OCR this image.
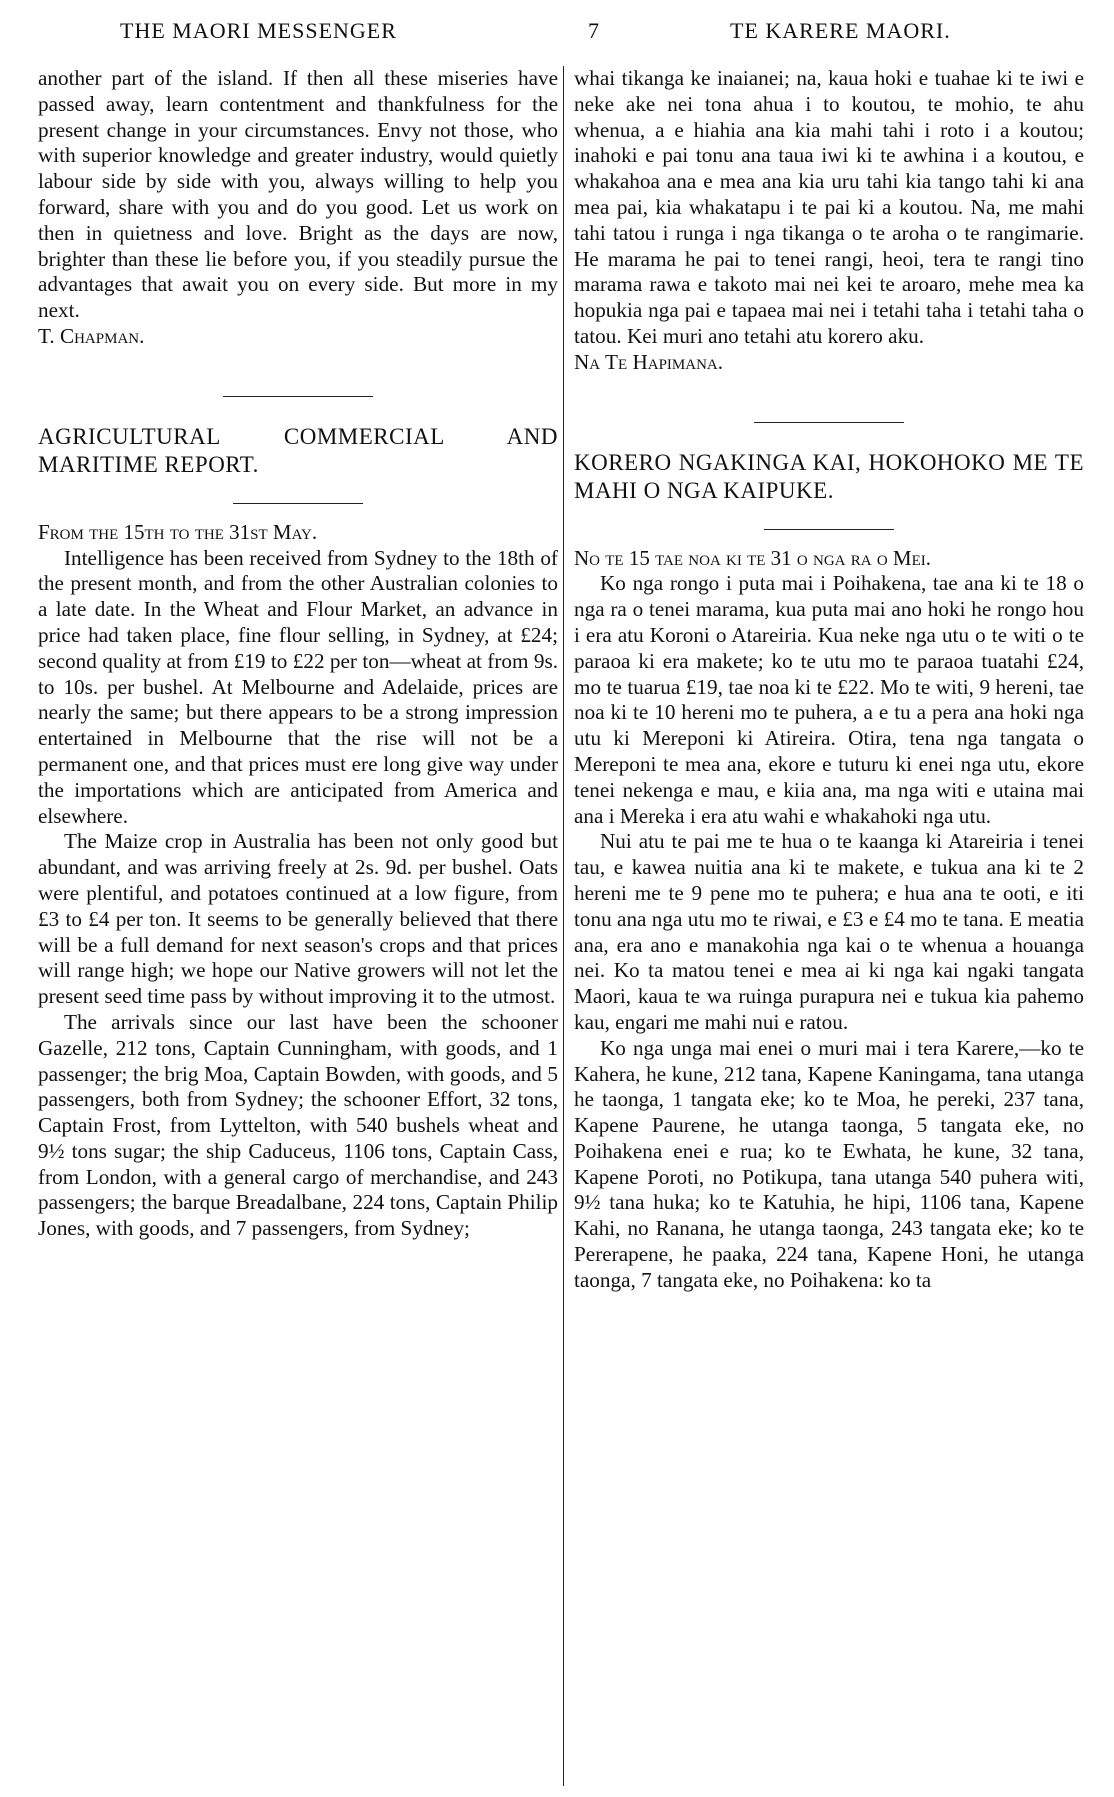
THE MAORI MESSENGER	7	TE KARERE MAORI.

another part of the island. If then all these miseries have passed away, learn contentment and thankfulness for the present change in your circumstances. Envy not those, who with superior knowledge and greater industry, would quietly labour side by side with you, always willing to help you forward, share with you and do you good. Let us work on then in quietness and love. Bright as the days are now, brighter than these lie before you, if you steadily pursue the advantages that await you on every side. But more in my next.

T. Chapman.

AGRICULTURAL COMMERCIAL AND MARITIME REPORT.

From the 15th to the 31st May.

Intelligence has been received from Sydney to the 18th of the present month, and from the other Australian colonies to a late date. In the Wheat and Flour Market, an advance in price had taken place, fine flour selling, in Sydney, at £24; second quality at from £19 to £22 per ton—wheat at from 9s. to 10s. per bushel. At Melbourne and Adelaide, prices are nearly the same; but there appears to be a strong impression entertained in Melbourne that the rise will not be a permanent one, and that prices must ere long give way under the importations which are anticipated from America and elsewhere.

The Maize crop in Australia has been not only good but abundant, and was arriving freely at 2s. 9d. per bushel. Oats were plentiful, and potatoes continued at a low figure, from £3 to £4 per ton. It seems to be generally believed that there will be a full demand for next season's crops and that prices will range high; we hope our Native growers will not let the present seed time pass by without improving it to the utmost.

The arrivals since our last have been the schooner Gazelle, 212 tons, Captain Cunningham, with goods, and 1 passenger; the brig Moa, Captain Bowden, with goods, and 5 passengers, both from Sydney; the schooner Effort, 32 tons, Captain Frost, from Lyttelton, with 540 bushels wheat and 9½ tons sugar; the ship Caduceus, 1106 tons, Captain Cass, from London, with a general cargo of merchandise, and 243 passengers; the barque Breadalbane, 224 tons, Captain Philip Jones, with goods, and 7 passengers, from Sydney;

whai tikanga ke inaianei; na, kaua hoki e tuahae ki te iwi e neke ake nei tona ahua i to koutou, te mohio, te ahu whenua, a e hiahia ana kia mahi tahi i roto i a koutou; inahoki e pai tonu ana taua iwi ki te awhina i a koutou, e whakahoa ana e mea ana kia uru tahi kia tango tahi ki ana mea pai, kia whakatapu i te pai ki a koutou. Na, me mahi tahi tatou i runga i nga tikanga o te aroha o te rangimarie. He marama he pai to tenei rangi, heoi, tera te rangi tino marama rawa e takoto mai nei kei te aroaro, mehe mea ka hopukia nga pai e tapaea mai nei i tetahi taha i tetahi taha o tatou. Kei muri ano tetahi atu korero aku.

Na Te Hapimana.

KORERO NGAKINGA KAI, HOKOHOKO ME TE MAHI O NGA KAIPUKE.

No te 15 tae noa ki te 31 o nga ra o Mei.

Ko nga rongo i puta mai i Poihakena, tae ana ki te 18 o nga ra o tenei marama, kua puta mai ano hoki he rongo hou i era atu Koroni o Atareiria. Kua neke nga utu o te witi o te paraoa ki era makete; ko te utu mo te paraoa tuatahi £24, mo te tuarua £19, tae noa ki te £22. Mo te witi, 9 hereni, tae noa ki te 10 hereni mo te puhera, a e tu a pera ana hoki nga utu ki Mereponi ki Atireira. Otira, tena nga tangata o Mereponi te mea ana, ekore e tuturu ki enei nga utu, ekore tenei nekenga e mau, e kiia ana, ma nga witi e utaina mai ana i Mereka i era atu wahi e whakahoki nga utu.

Nui atu te pai me te hua o te kaanga ki Atareiria i tenei tau, e kawea nuitia ana ki te makete, e tukua ana ki te 2 hereni me te 9 pene mo te puhera; e hua ana te ooti, e iti tonu ana nga utu mo te riwai, e £3 e £4 mo te tana. E meatia ana, era ano e manakohia nga kai o te whenua a houanga nei. Ko ta matou tenei e mea ai ki nga kai ngaki tangata Maori, kaua te wa ruinga purapura nei e tukua kia pahemo kau, engari me mahi nui e ratou.

Ko nga unga mai enei o muri mai i tera Karere,—ko te Kahera, he kune, 212 tana, Kapene Kaningama, tana utanga he taonga, 1 tangata eke; ko te Moa, he pereki, 237 tana, Kapene Paurene, he utanga taonga, 5 tangata eke, no Poihakena enei e rua; ko te Ewhata, he kune, 32 tana, Kapene Poroti, no Potikupa, tana utanga 540 puhera witi, 9½ tana huka; ko te Katuhia, he hipi, 1106 tana, Kapene Kahi, no Ranana, he utanga taonga, 243 tangata eke; ko te Pererapene, he paaka, 224 tana, Kapene Honi, he utanga taonga, 7 tangata eke, no Poihakena: ko ta
